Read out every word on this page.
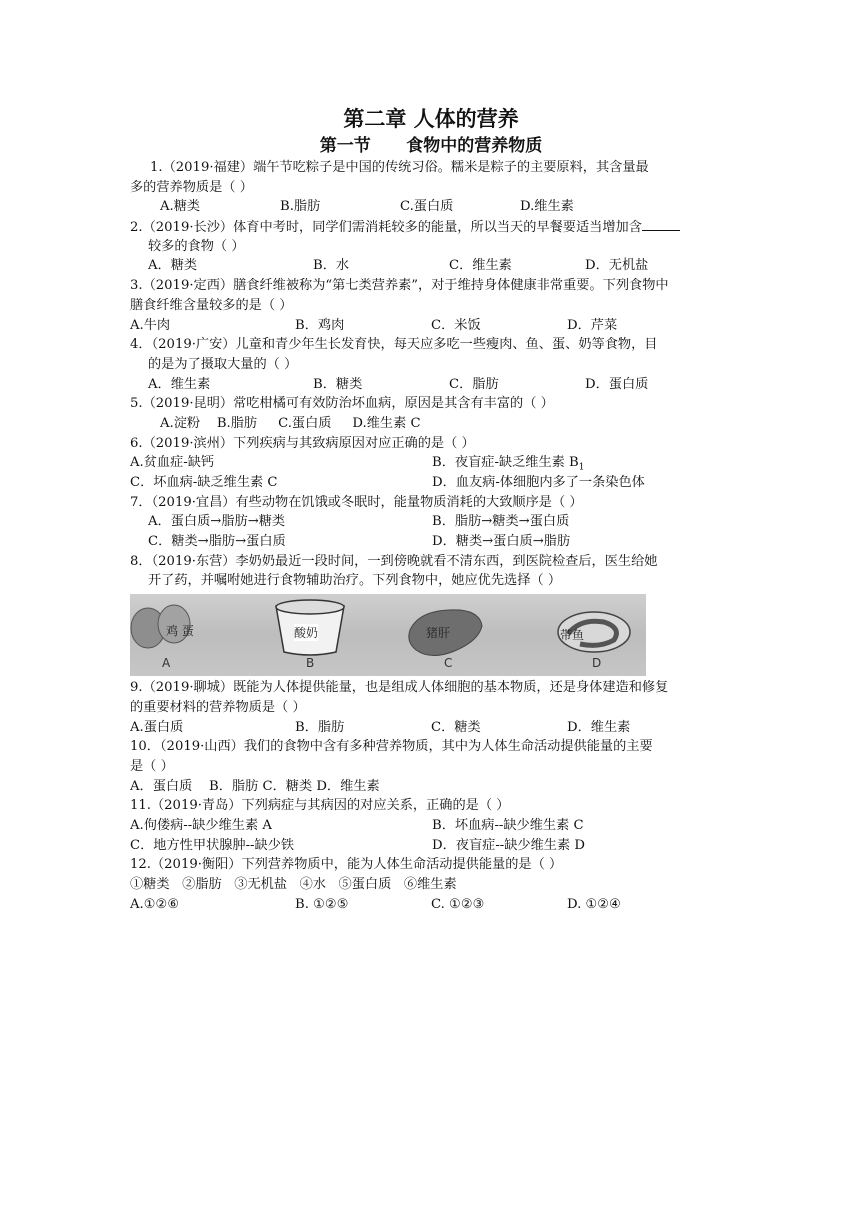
第二章 人体的营养
第一节      食物中的营养物质
1.（2019·福建）端午节吃粽子是中国的传统习俗。糯米是粽子的主要原料，其含量最
多的营养物质是（ ）
A.糖类	B.脂肪	C.蛋白质	D.维生素
2.（2019·长沙）体育中考时，同学们需消耗较多的能量，所以当天的早餐要适当增加含
较多的食物（ ）
A．糖类	B．水	C．维生素	D．无机盐
3.（2019·定西）膳食纤维被称为“第七类营养素”，对于维持身体健康非常重要。下列食物中
膳食纤维含量较多的是（ ）
A.牛肉	B．鸡肉	C．米饭	D．芹菜
4．（2019·广安）儿童和青少年生长发育快，每天应多吃一些瘦肉、鱼、蛋、奶等食物，目
的是为了摄取大量的（ ）
A．维生素	B．糖类	C．脂肪	D．蛋白质
5.（2019·昆明）常吃柑橘可有效防治坏血病，原因是其含有丰富的（ ）
A.淀粉    B.脂肪     C.蛋白质     D.维生素 C
6.（2019·滨州）下列疾病与其致病原因对应正确的是（ ）
A.贫血症-缺钙	B．夜盲症-缺乏维生素 $B_1$
C．坏血病-缺乏维生素 C	D．血友病-体细胞内多了一条染色体
7．（2019·宜昌）有些动物在饥饿或冬眠时，能量物质消耗的大致顺序是（ ）
A．蛋白质→脂肪→糖类	B．脂肪→糖类→蛋白质
C．糖类→脂肪→蛋白质	D．糖类→蛋白质→脂肪
8．（2019·东营）李奶奶最近一段时间，一到傍晚就看不清东西，到医院检查后，医生给她
开了药，并嘱咐她进行食物辅助治疗。下列食物中，她应优先选择（ ）
鸡 蛋	酸奶	猪肝	带鱼
A	B	C	D
9.（2019·聊城）既能为人体提供能量，也是组成人体细胞的基本物质，还是身体建造和修复
的重要材料的营养物质是（ ）
A.蛋白质	B．脂肪	C．糖类	D．维生素
10．（2019·山西）我们的食物中含有多种营养物质，其中为人体生命活动提供能量的主要
是（ ）
A．蛋白质    B．脂肪 C．糖类 D．维生素
11.（2019·青岛）下列病症与其病因的对应关系，正确的是（ ）
A.佝偻病--缺少维生素 A	B．坏血病--缺少维生素 C
C．地方性甲状腺肿--缺少铁	D．夜盲症--缺少维生素 D
12.（2019·衡阳）下列营养物质中，能为人体生命活动提供能量的是（ ）
①糖类   ②脂肪   ③无机盐   ④水   ⑤蛋白质   ⑥维生素
A.①②⑥	B. ①②⑤	C. ①②③	D. ①②④
